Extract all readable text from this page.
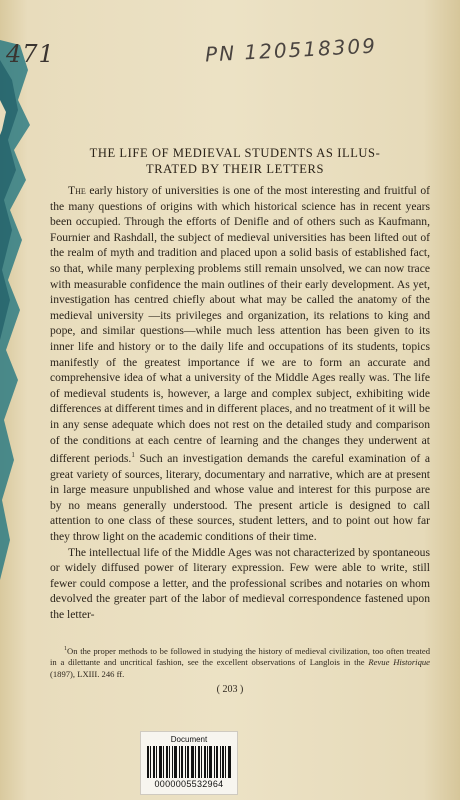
471	PN 120518309
THE LIFE OF MEDIEVAL STUDENTS AS ILLUS-
TRATED BY THEIR LETTERS

The early history of universities is one of the most interesting and fruitful of the many questions of origins with which historical science has in recent years been occupied. Through the efforts of Denifle and of others such as Kaufmann, Fournier and Rashdall, the subject of medieval universities has been lifted out of the realm of myth and tradition and placed upon a solid basis of established fact, so that, while many perplexing problems still remain unsolved, we can now trace with measurable confidence the main outlines of their early development. As yet, investigation has centred chiefly about what may be called the anatomy of the medieval university —its privileges and organization, its relations to king and pope, and similar questions—while much less attention has been given to its inner life and history or to the daily life and occupations of its students, topics manifestly of the greatest importance if we are to form an accurate and comprehensive idea of what a university of the Middle Ages really was. The life of medieval students is, however, a large and complex subject, exhibiting wide differences at different times and in different places, and no treatment of it will be in any sense adequate which does not rest on the detailed study and comparison of the conditions at each centre of learning and the changes they underwent at different periods.$^1$ Such an investigation demands the careful examination of a great variety of sources, literary, documentary and narrative, which are at present in large measure unpublished and whose value and interest for this purpose are by no means generally understood. The present article is designed to call attention to one class of these sources, student letters, and to point out how far they throw light on the academic conditions of their time.

The intellectual life of the Middle Ages was not characterized by spontaneous or widely diffused power of literary expression. Few were able to write, still fewer could compose a letter, and the professional scribes and notaries on whom devolved the greater part of the labor of medieval correspondence fastened upon the letter-

$^1$On the proper methods to be followed in studying the history of medieval civilization, too often treated in a dilettante and uncritical fashion, see the excellent observations of Langlois in the Revue Historique (1897), LXIII. 246 ff.
( 203 )
Document
0000005532964
